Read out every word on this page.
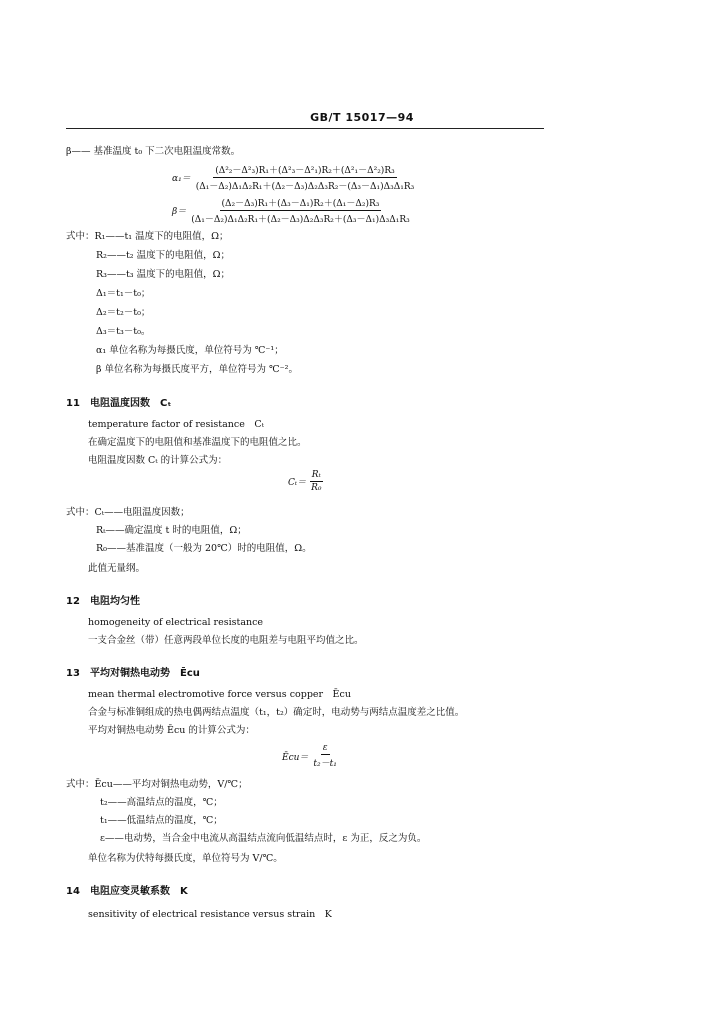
GB/T 15017—94
β—— 基准温度 t₀ 下二次电阻温度常数。
$\alpha_1= \frac{\text{(Δ²₂－Δ²₃)R₁＋(Δ²₃－Δ²₁)R₂＋(Δ²₁－Δ²₂)R₃}}{\text{(Δ₁－Δ₂)Δ₁Δ₂R₁＋(Δ₂－Δ₃)Δ₂Δ₃R₂－(Δ₃－Δ₁)Δ₃Δ₁R₃}}$
$\beta= \frac{\text{(Δ₂－Δ₃)R₁＋(Δ₃－Δ₁)R₂＋(Δ₁－Δ₂)R₃}}{\text{(Δ₁－Δ₂)Δ₁Δ₂R₁＋(Δ₂－Δ₃)Δ₂Δ₃R₂＋(Δ₃－Δ₁)Δ₃Δ₁R₃}}$
式中：R₁——t₁ 温度下的电阻值，Ω；
R₂——t₂ 温度下的电阻值，Ω；
R₃——t₃ 温度下的电阻值，Ω；
Δ₁＝t₁－t₀；
Δ₂＝t₂－t₀；
Δ₃＝t₃－t₀。
α₁ 单位名称为每摄氏度，单位符号为 ℃⁻¹；
β 单位名称为每摄氏度平方，单位符号为 ℃⁻²。
11 电阻温度因数　Cₜ
temperature factor of resistance　Cₜ
在确定温度下的电阻值和基准温度下的电阻值之比。
电阻温度因数 Cₜ 的计算公式为：
$C_t= \frac{\text{Rₜ}}{\text{R₀}}$
式中：Cₜ——电阻温度因数；
Rₜ——确定温度 t 时的电阻值，Ω；
R₀——基准温度（一般为 20℃）时的电阻值，Ω。
此值无量纲。
12 电阻均匀性
homogeneity of electrical resistance
一支合金丝（带）任意两段单位长度的电阻差与电阻平均值之比。
13 平均对铜热电动势　Ēcu
mean thermal electromotive force versus copper　Ēcu
合金与标准铜组成的热电偶两结点温度（t₁，t₂）确定时，电动势与两结点温度差之比值。
平均对铜热电动势 Ēcu 的计算公式为：
Ēcu＝ $\frac{\varepsilon}{\text{t₂－t₁}}$
式中：Ēcu——平均对铜热电动势，V/℃；
t₂——高温结点的温度，℃；
t₁——低温结点的温度，℃；
ε——电动势，当合金中电流从高温结点流向低温结点时，ε 为正，反之为负。
单位名称为伏特每摄氏度，单位符号为 V/℃。
14 电阻应变灵敏系数　K
sensitivity of electrical resistance versus strain　K
